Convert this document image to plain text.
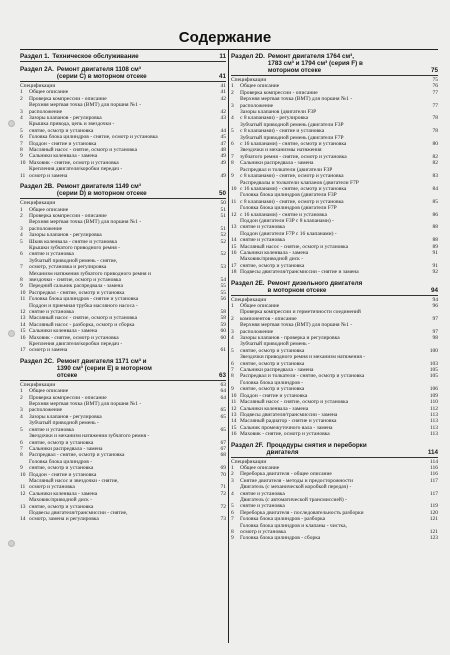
Содержание
Раздел 1. Техническое обслуживание	11
Раздел 2А. Ремонт двигателя 1108 см³
(серии С) в моторном отсеке	41
Спецификации	41
1	Общее описание	41
2	Проверка компрессии - описание	42
3
Верхняя мертвая точка (ВМТ) для поршня №1 -
расположение	42
4	Зазоры клапанов - регулировка	43
5
Крышка привода, цепь и звездочки -
снятие, осмотр и установка	44
6	Головка блока цилиндров - снятие, осмотр и установка	45
7	Поддон - снятие и установка	47
8	Масляный насос - снятие, осмотр и установка	48
9	Сальники коленвала - замена	49
10 Маховик - снятие, осмотр и установка	49
11
Крепления двигателя/коробки передач -
осмотр и замена	49
Раздел 2В. Ремонт двигателя 1149 см³
(серии D) в моторном отсеке	50
Спецификации	50
1	Общее описание	51
2	Проверка компрессии - описание	51
3
Верхняя мертвая точка (ВМТ) для поршня №1 -
расположение	51
4	Зазоры клапанов - регулировка	52
5	Шкив коленвала - снятие и установка	52
6
Крышки зубчатого приводного ремня -
снятие и установка	52
7
Зубчатый приводной ремень - снятие,
осмотр, установка и регулировка	53
8
Механизм натяжения зубчатого приводного ремня и
звездочки - снятие, осмотр и установка	54
9	Передний сальник распредвала - замена	55
10 Распредвал - снятие, осмотр и установка	55
11 Головка блока цилиндров - снятие и установка	56
12
Поддон и приемная трубка масляного насоса -
снятие и установка	58
13 Масляный насос - снятие, осмотр и установка	58
14 Масляный насос - разборка, осмотр и сборка	59
15 Сальники коленвала - замена	60
16 Маховик - снятие, осмотр и установка	60
17
Крепления двигателя/коробки передач -
осмотр и замена	61
Раздел 2С. Ремонт двигателя 1171 см³ и
1390 см³ (серии Е) в моторном
отсеке	63
Спецификации	63
1	Общее описание	64
2	Проверка компрессии - описание	64
3
Верхняя мертвая точка (ВМТ) для поршня №1 -
расположение	65
4	Зазоры клапанов - регулировка	65
5
Зубчатый приводной ремень -
снятие и установка	65
6
Звездочки и механизм натяжения зубчатого ремня -
снятие, осмотр и установка	67
7	Сальники распредвала - замена	67
8	Распредвал - снятие, осмотр и установка	68
9
Головка блока цилиндров -
снятие, осмотр и установка	69
10 Поддон - снятие и установка	70
11
Масляный насос и звездочки - снятие,
осмотр и установка	71
12 Сальники коленвала - замена	72
13
Маховик/приводной диск -
снятие, осмотр и установка	72
14
Подвесы двигателя/трансмиссии - снятие,
осмотр, замена и регулировка	73
Раздел 2D. Ремонт двигателя 1764 см³,
1783 см³ и 1794 см³ (серия F) в
моторном отсеке	75
Спецификации	75
1	Общее описание	76
2	Проверка компрессии - описание	77
3
Верхняя мертвая точка (ВМТ) для поршня №1 -
расположение	77
4
Зазоры клапанов (двигатели F3P
с 8 клапанами) - регулировка	78
5
Зубчатый приводной ремень (двигатели F3P
с 8 клапанами) - снятие и установка	78
6
Зубчатый приводной ремень (двигатели F7P
с 16 клапанами) - снятие, осмотр и установка	80
7
Звездочки и механизмы натяжения
зубчатого ремня - снятие, осмотр и установка	82
8	Сальники распредвала - замена	82
9
Распредвал и толкатели (двигатели F3P
с 8 клапанами) - снятие, осмотр и установка	83
10
Распредвалы и толкатели клапанов (двигатели F7P
с 16 клапанами) - снятие, осмотр и установка	84
11
Головка блока цилиндров (двигатели F3P
с 8 клапанами) - снятие, осмотр и установка	85
12
Головка блока цилиндров (двигатели F7P
с 16 клапанами) - снятие и установка	86
13
Поддон (двигатели F3P с 8 клапанами) -
снятие и установка	88
14
Поддон (двигатели F7P с 16 клапанами) -
снятие и установка	88
15 Масляный насос - снятие, осмотр и установка	89
16 Сальники коленвала - замена	91
17
Маховик/приводной диск -
снятие, осмотр и установка	91
18 Подвесы двигателя/трансмиссии - снятие и замена	92
Раздел 2Е. Ремонт дизельного двигателя
в моторном отсеке	94
Спецификации	94
1	Общее описание	96
2
Проверка компрессии и герметичности соединений
компонентов - описание	97
3
Верхняя мертвая точка (ВМТ) для поршня №1 -
расположение	97
4	Зазоры клапанов - проверка и регулировка	98
5
Зубчатый приводной ремень -
снятие, осмотр и установка	100
6
Звездочки приводного ремня и механизм натяжения -
снятие, осмотр и установка	103
7	Сальники распредвала - замена	105
8	Распредвал и толкатели - снятие, осмотр и установка	105
9
Головка блока цилиндров -
снятие, осмотр и установка	106
10 Поддон - снятие и установка	109
11 Масляный насос - снятие, осмотр и установка	110
12 Сальники коленвала - замена	112
13 Подвесы двигателя/трансмиссии - замена	113
14 Масляный радиатор - снятие и установка	113
15 Сальник промежуточного вала - замена	113
16 Маховик - снятие, осмотр и установка	113
Раздел 2F. Процедуры снятия и переборки
двигателя	114
Спецификации	114
1	Общее описание	116
2	Переборка двигателя - общее описание	116
3	Снятие двигателя - методы и предосторожности	117
4
Двигатель (с механической коробкой передач) -
снятие и установка	117
5
Двигатель (с автоматической трансмиссией) -
снятие и установка	119
6	Переборка двигателя - последовательность разборки	120
7	Головка блока цилиндров - разборка	121
8
Головка блока цилиндров и клапаны - чистка,
осмотр и установка	121
9	Головка блока цилиндров - сборка	123
